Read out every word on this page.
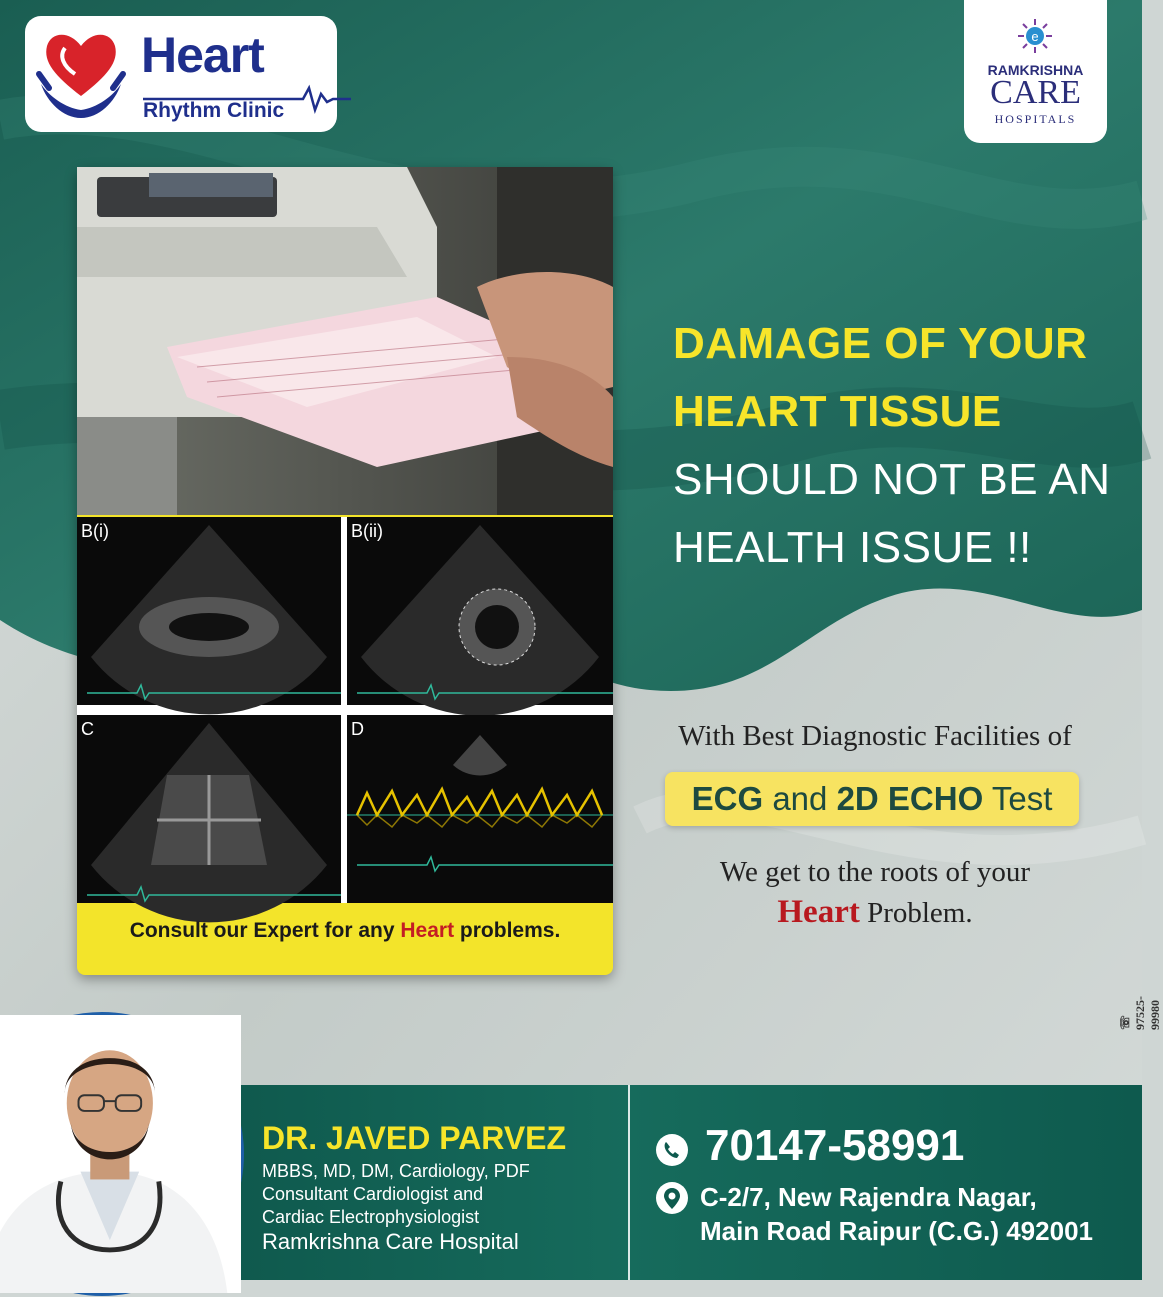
Heart
Rhythm Clinic
e
RAMKRISHNA
CARE
HOSPITALS
B(i)	B(ii)
C	D
Consult our Expert for any Heart problems.
DAMAGE OF YOUR
HEART TISSUE
SHOULD NOT BE AN
HEALTH ISSUE !!
With Best Diagnostic Facilities of
ECG and 2D ECHO Test
We get to the roots of your
Heart Problem.
☏ 97525-99980
DR. JAVED PARVEZ
MBBS, MD, DM, Cardiology, PDF
Consultant Cardiologist and
Cardiac Electrophysiologist
Ramkrishna Care Hospital
70147-58991
C-2/7, New Rajendra Nagar,
Main Road Raipur (C.G.) 492001
